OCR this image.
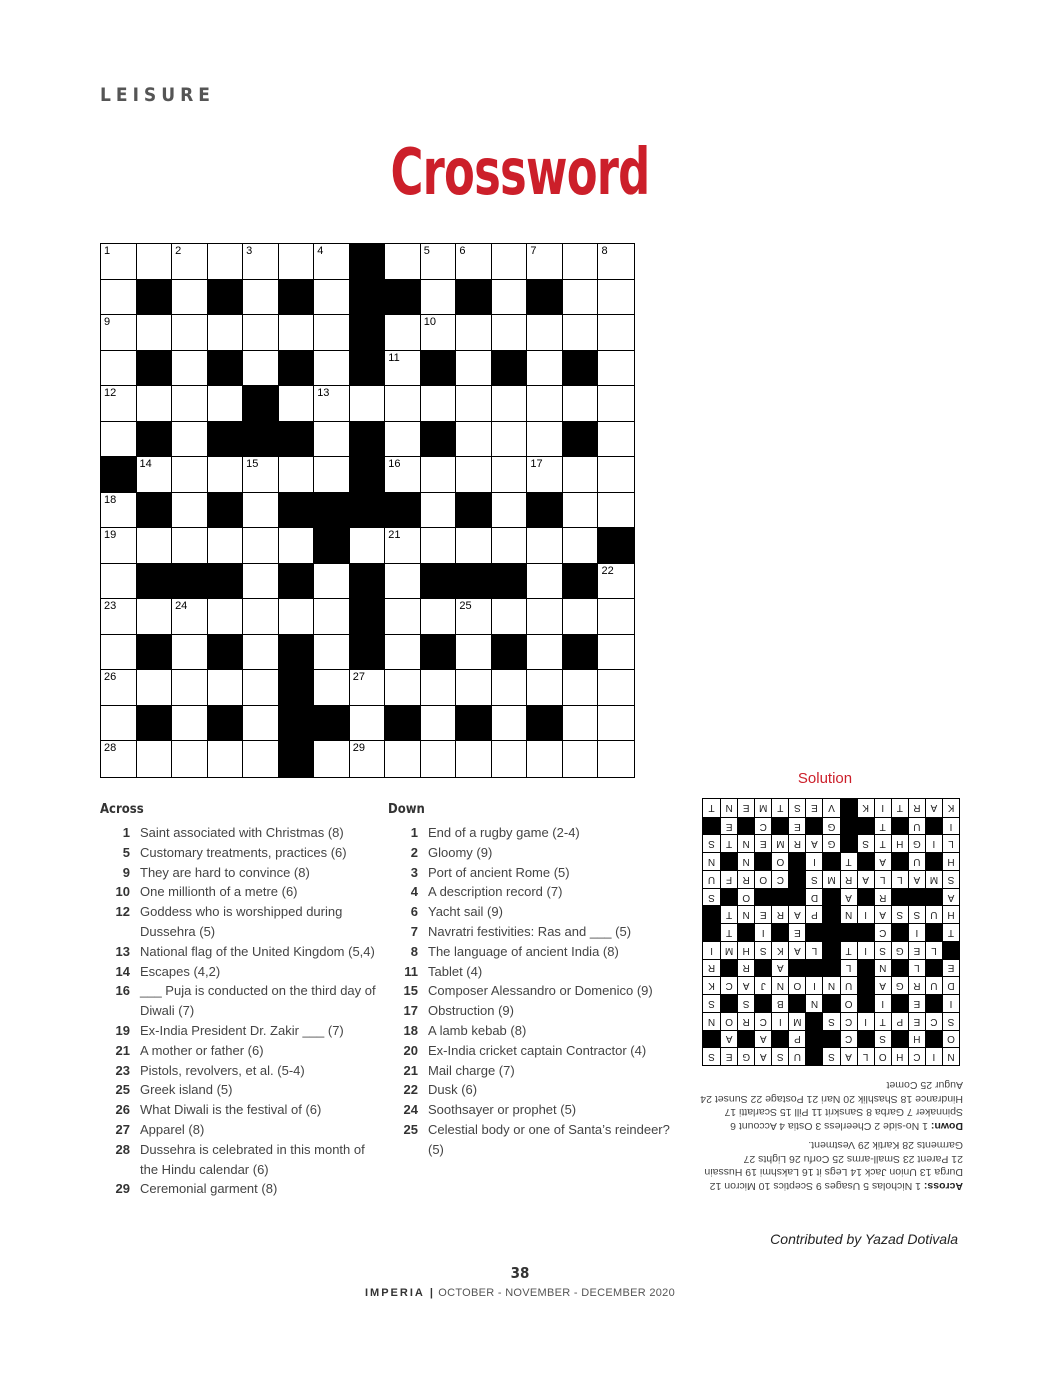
LEISURE
Crossword
1	2	3	4	5	6	7	8
9	10
11
12	13
14	15	16	17
18
19	20	21
22
23	24	25
26	27
28	29
Across
1 Saint associated with Christmas (8)
5 Customary treatments, practices (6)
9 They are hard to convince (8)
10 One millionth of a metre (6)
12 Goddess who is worshipped during Dussehra (5)
13 National flag of the United Kingdom (5,4)
14 Escapes (4,2)
16 ___ Puja is conducted on the third day of Diwali (7)
19 Ex-India President Dr. Zakir ___ (7)
21 A mother or father (6)
23 Pistols, revolvers, et al. (5-4)
25 Greek island (5)
26 What Diwali is the festival of (6)
27 Apparel (8)
28 Dussehra is celebrated in this month of the Hindu calendar (6)
29 Ceremonial garment (8)
Down
1 End of a rugby game (2-4)
2 Gloomy (9)
3 Port of ancient Rome (5)
4 A description record (7)
6 Yacht sail (9)
7 Navratri festivities: Ras and ___ (5)
8 The language of ancient India (8)
11 Tablet (4)
15 Composer Alessandro or Domenico (9)
17 Obstruction (9)
18 A lamb kebab (8)
20 Ex-India cricket captain Contractor (4)
21 Mail charge (7)
22 Dusk (6)
24 Soothsayer or prophet (5)
25 Celestial body or one of Santa’s reindeer? (5)
Solution
N
I
C
H
O
L
A
S
U
S
A
G
E
S
O
H
S
C
P
A
A
S
C
E
P
T
I
C
S
M
I
C
R
O
N
I
E
I
O
N
B
S
S
D
U
R
G
A
U
N
I
O
N
J
A
C
K
E
L
N
L
A
R
R
L
E
G
S
I
T
L
A
K
S
H
M
I
T
I
C
E
I
T
H
U
S
S
A
I
N
P
A
R
E
N
T
A
R
A
D
O
S
S
M
A
L
L
A
R
M
S
C
O
R
F
U
H
U
A
T
I
O
N
N
L
I
G
H
T
S
G
A
R
M
E
N
T
S
I
U
T
G
E
C
E
K
A
R
T
I
K
V
E
S
T
M
E
N
T

Across: 1 Nicholas 5 Usages 9 Sceptics 10 Micron 12 Durga 13 Union Jack 14 Legs it 16 Lakshmi 19 Hussain 21 Parent 23 Small-arms 25 Corfu 26 Lights 27 Garments 28 Kartik 29 Vestment.

Down: 1 No-side 2 Cheerless 3 Ostia 4 Account 6 Spinnaker 7 Garba 8 Sanskrit 11 Pill 15 Scarlatti 17 Hindrance 18 Shashlik 20 Nari 21 Postage 22 Sunset 24 Augur 25 Comet

Contributed by Yazad Dotivala
38
IMPERIA | OCTOBER - NOVEMBER - DECEMBER 2020
